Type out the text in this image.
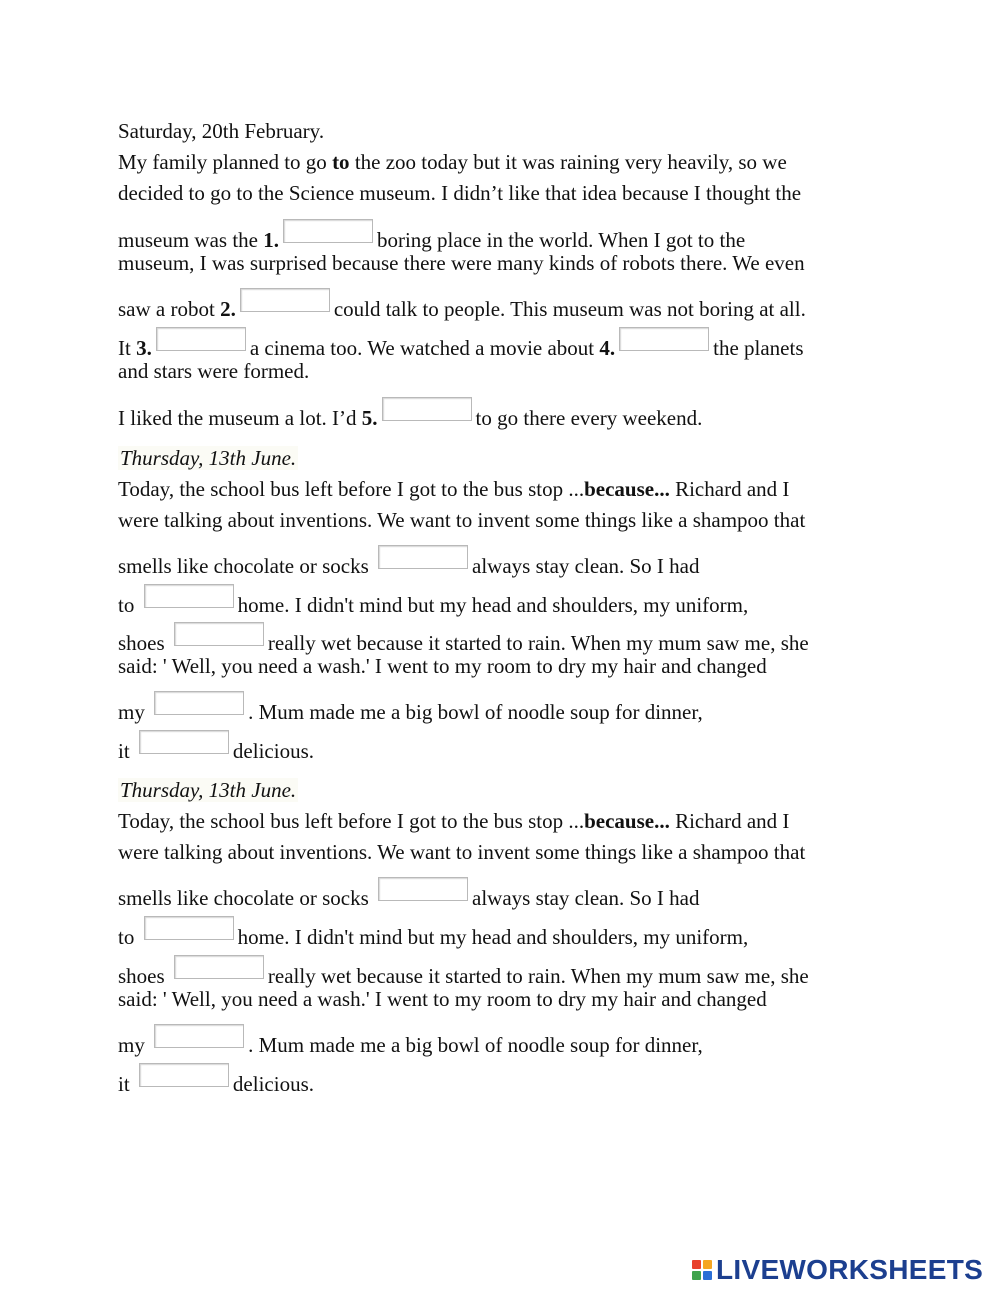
Saturday, 20th February.
My family planned to go to the zoo today but it was raining very heavily, so we
decided to go to the Science museum. I didn’t like that idea because I thought the
museum was the 1.	boring place in the world. When I got to the
museum, I was surprised because there were many kinds of robots there. We even
saw a robot 2.	could talk to people. This museum was not boring at all.
It 3.	a cinema too. We watched a movie about 4.	the planets
and stars were formed.
I liked the museum a lot. I’d 5.	to go there every weekend.
Thursday, 13th June.
Today, the school bus left before I got to the bus stop ...because... Richard and I
were talking about inventions. We want to invent some things like a shampoo that
smells like chocolate or socks	always stay clean. So I had
to	home. I didn't mind but my head and shoulders, my uniform,
shoes	really wet because it started to rain. When my mum saw me, she
said: ' Well, you need a wash.' I went to my room to dry my hair and changed
my	. Mum made me a big bowl of noodle soup for dinner,
it	delicious.
Thursday, 13th June.
Today, the school bus left before I got to the bus stop ...because... Richard and I
were talking about inventions. We want to invent some things like a shampoo that
smells like chocolate or socks	always stay clean. So I had
to	home. I didn't mind but my head and shoulders, my uniform,
shoes	really wet because it started to rain. When my mum saw me, she
said: ' Well, you need a wash.' I went to my room to dry my hair and changed
my	. Mum made me a big bowl of noodle soup for dinner,
it	delicious.
LIVEWORKSHEETS
